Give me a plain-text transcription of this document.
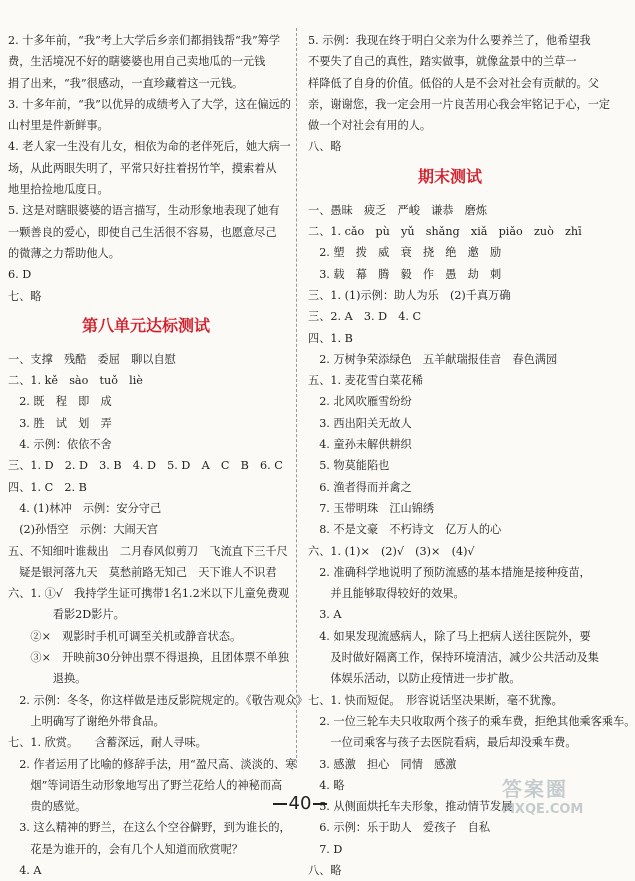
2. 十多年前，“我”考上大学后乡亲们都捐钱帮“我”筹学
费，生活境况不好的瞎婆婆也用自己卖地瓜的一元钱
捐了出来，“我”很感动，一直珍藏着这一元钱。
3. 十多年前，“我”以优异的成绩考入了大学，这在偏远的
山村里是件新鲜事。
4. 老人家一生没有儿女，相依为命的老伴死后，她大病一
场，从此两眼失明了，平常只好拄着拐竹竿，摸索着从
地里拾捡地瓜度日。
5. 这是对瞎眼婆婆的语言描写，生动形象地表现了她有
一颗善良的爱心，即使自己生活很不容易，也愿意尽己
的微薄之力帮助他人。
6. D
七、略
第八单元达标测试
一、支撑　残酷　委屈　聊以自慰
二、1. kě　sào　tuǒ　liè
　2. 既　程　即　成
　3. 胜　试　划　弄
　4. 示例：依依不舍
三、1. D　2. D　3. B　4. D　5. D　A　C　B　6. C
四、1. C　2. B
　4. (1)林冲　示例：安分守己
　(2)孙悟空　示例：大闹天宫
五、不知细叶谁裁出　二月春风似剪刀　飞流直下三千尺
　疑是银河落九天　莫愁前路无知己　天下谁人不识君
六、1. ①√　我持学生证可携带1名1.2米以下儿童免费观
　　　　看影2D影片。
　　②×　观影时手机可调至关机或静音状态。
　　③×　开映前30分钟出票不得退换，且团体票不单独
　　　　退换。
　2. 示例：冬冬，你这样做是违反影院规定的。《敬告观众》
　　上明确写了谢绝外带食品。
七、1. 欣赏。　　含蓄深远，耐人寻味。
　2. 作者运用了比喻的修辞手法，用“盈尺高、淡淡的、寒
　　烟”等词语生动形象地写出了野兰花给人的神秘而高
　　贵的感觉。
　3. 这么精神的野兰，在这么个空谷僻野，到为谁长的，
　　花是为谁开的，会有几个人知道而欣赏呢？
　4. A
5. 示例：我现在终于明白父亲为什么要养兰了，他希望我
不要失了自己的真性，踏实做事，就像盆景中的兰草一
样降低了自身的价值。低俗的人是不会对社会有贡献的。父
亲，谢谢您，我一定会用一片良苦用心我会牢铭记于心，一定
做一个对社会有用的人。
八、略
期末测试
一、愚昧　疲乏　严峻　谦恭　磨炼
二、1. cǎo　pù　yǔ　shǎng　xiǎ　piǎo　zuò　zhī
　2. 塑　拨　威　衰　挠　绝　邀　励
　3. 载　幕　腾　毅　作　愚　劫　刺
三、1. (1)示例：助人为乐　(2)千真万确
三、2. A　3. D　4. C
四、1. B
　2. 万树争荣添绿色　五羊献瑞报佳音　春色满园
五、1. 麦花雪白菜花稀
　2. 北风吹雁雪纷纷
　3. 西出阳关无故人
　4. 童孙未解供耕织
　5. 物莫能陷也
　6. 渔者得而并禽之
　7. 玉带明珠　江山锦绣
　8. 不是文豪　不朽诗文　亿万人的心
六、1. (1)×　(2)√　(3)×　(4)√
　2. 准确科学地说明了预防流感的基本措施是接种疫苗，
　　并且能够取得较好的效果。
　3. A
　4. 如果发现流感病人，除了马上把病人送往医院外，要
　　及时做好隔离工作，保持环境清洁，减少公共活动及集
　　体娱乐活动，以防止疫情进一步扩散。
七、1. 快而短促。　形容说话坚决果断，毫不犹豫。
　2. 一位三轮车夫只收取两个孩子的乘车费，拒绝其他乘客乘车。
　　一位司乘客与孩子去医院看病，最后却没乘车费。
　3. 感激　担心　同情　感激
　4. 略
　5. 从侧面烘托车夫形象，推动情节发展
　6. 示例：乐于助人　爱孩子　自私
　7. D
八、略
40
答案圈
MXQE.COM
